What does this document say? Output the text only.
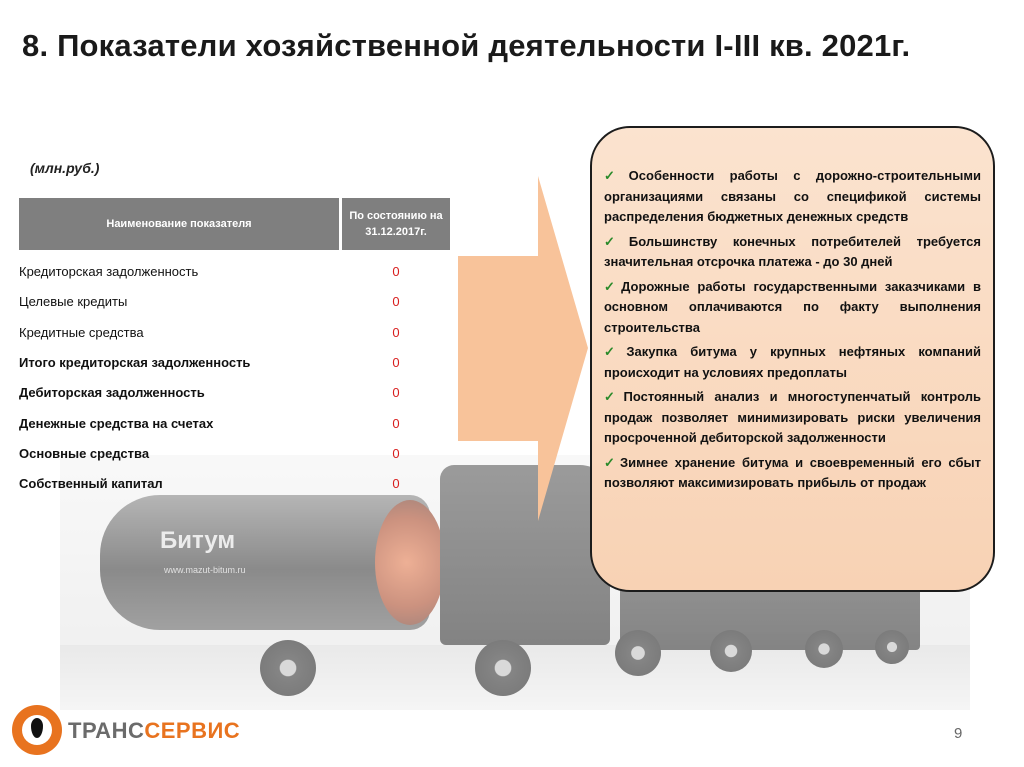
8. Показатели хозяйственной деятельности I-III кв. 2021г.
(млн.руб.)
Битум
www.mazut-bitum.ru
Наименование показателя
По состоянию на 31.12.2017г.
Кредиторская задолженность	0
Целевые кредиты	0
Кредитные средства	0
Итого кредиторская задолженность	0
Дебиторская задолженность	0
Денежные средства на счетах	0
Основные средства	0
Собственный капитал	0
✓ Особенности работы с дорожно-строительными организациями связаны со спецификой системы распределения бюджетных денежных средств
✓ Большинству конечных потребителей требуется значительная отсрочка платежа - до 30 дней
✓ Дорожные работы государственными заказчиками в основном оплачиваются по факту выполнения строительства
✓ Закупка битума у крупных нефтяных компаний происходит на условиях предоплаты
✓ Постоянный анализ и многоступенчатый контроль продаж позволяет минимизировать риски увеличения просроченной дебиторской задолженности
✓ Зимнее хранение битума и своевременный его сбыт позволяют максимизировать прибыль от продаж
ТРАНССЕРВИС	9
